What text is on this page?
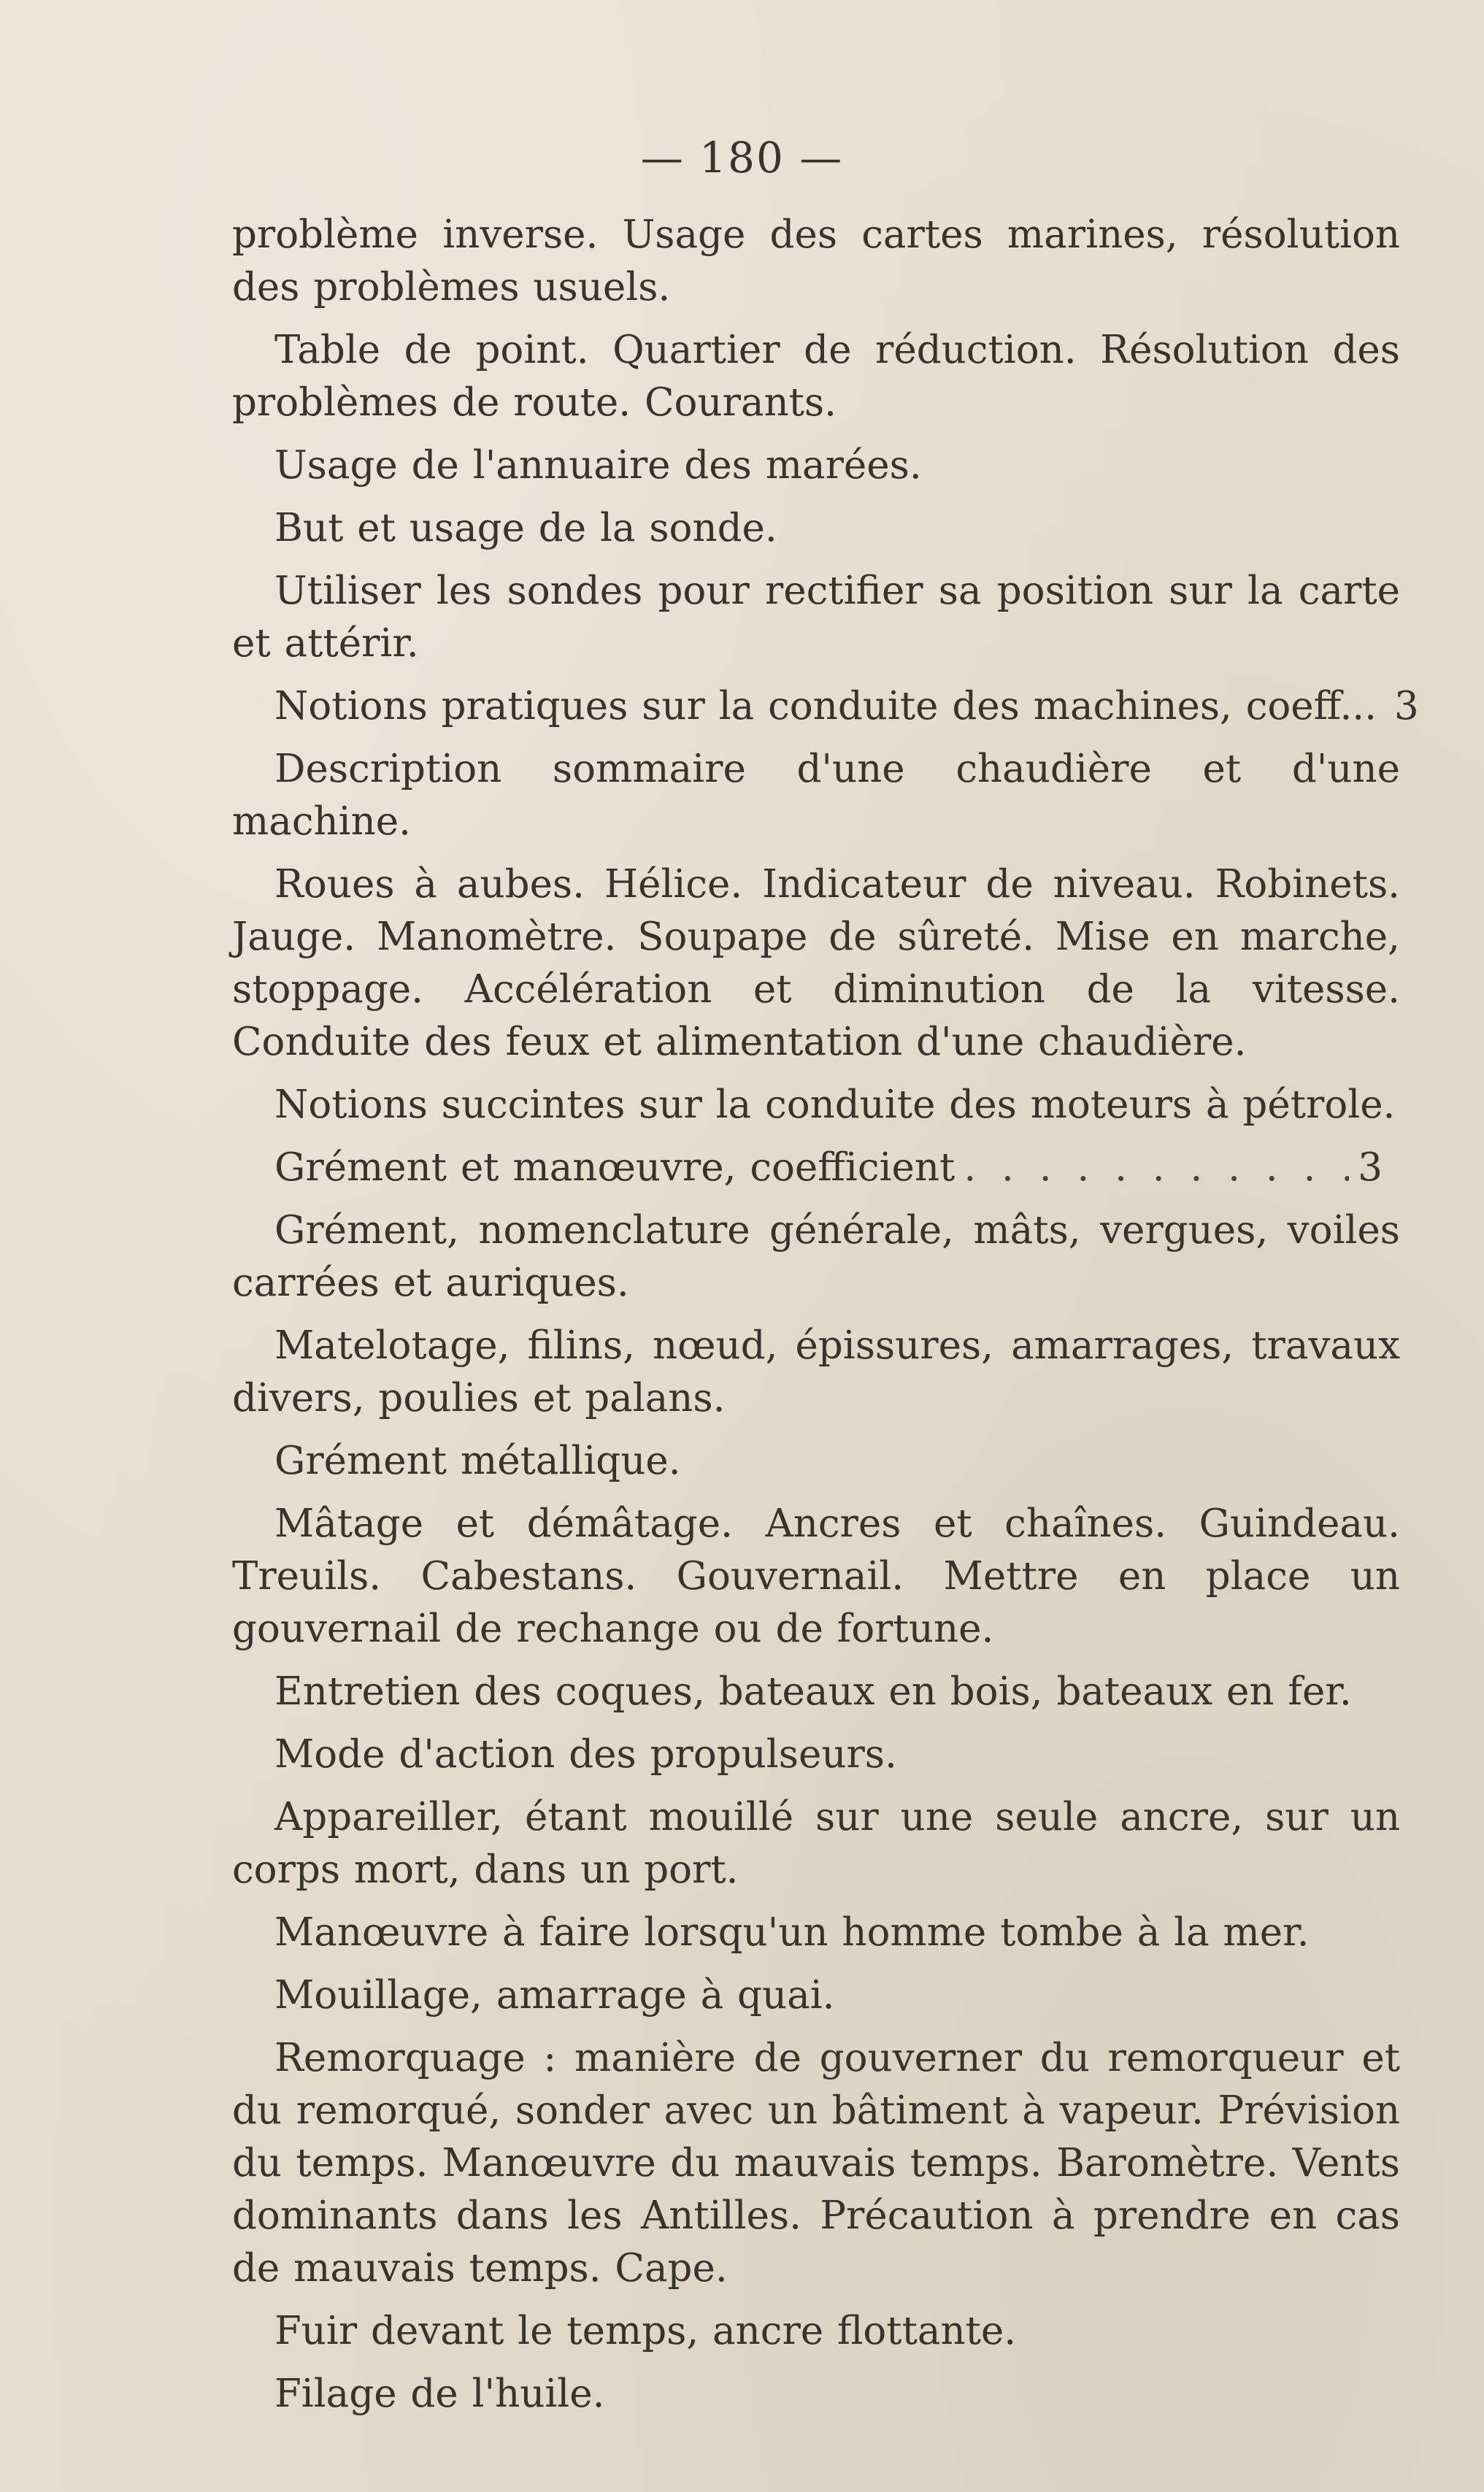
— 180 —

problème inverse. Usage des cartes marines, résolution des problèmes usuels.

Table de point. Quartier de réduction. Résolution des problèmes de route. Courants.

Usage de l'annuaire des marées.

But et usage de la sonde.

Utiliser les sondes pour rectifier sa position sur la carte et attérir.

Notions pratiques sur la conduite des machines, coeff... 3

Description sommaire d'une chaudière et d'une machine.

Roues à aubes. Hélice. Indicateur de niveau. Robinets. Jauge. Manomètre. Soupape de sûreté. Mise en marche, stoppage. Accélération et diminution de la vitesse. Conduite des feux et alimentation d'une chaudière.

Notions succintes sur la conduite des moteurs à pétrole.

Grément et manœuvre, coefficient
. . .	3

Grément, nomenclature générale, mâts, vergues, voiles carrées et auriques.

Matelotage, filins, nœud, épissures, amarrages, travaux divers, poulies et palans.

Grément métallique.

Mâtage et démâtage. Ancres et chaînes. Guindeau. Treuils. Cabestans. Gouvernail. Mettre en place un gouvernail de rechange ou de fortune.

Entretien des coques, bateaux en bois, bateaux en fer.

Mode d'action des propulseurs.

Appareiller, étant mouillé sur une seule ancre, sur un corps mort, dans un port.

Manœuvre à faire lorsqu'un homme tombe à la mer.

Mouillage, amarrage à quai.

Remorquage : manière de gouverner du remorqueur et du remorqué, sonder avec un bâtiment à vapeur. Prévision du temps. Manœuvre du mauvais temps. Baromètre. Vents dominants dans les Antilles. Précaution à prendre en cas de mauvais temps. Cape.

Fuir devant le temps, ancre flottante.

Filage de l'huile.
